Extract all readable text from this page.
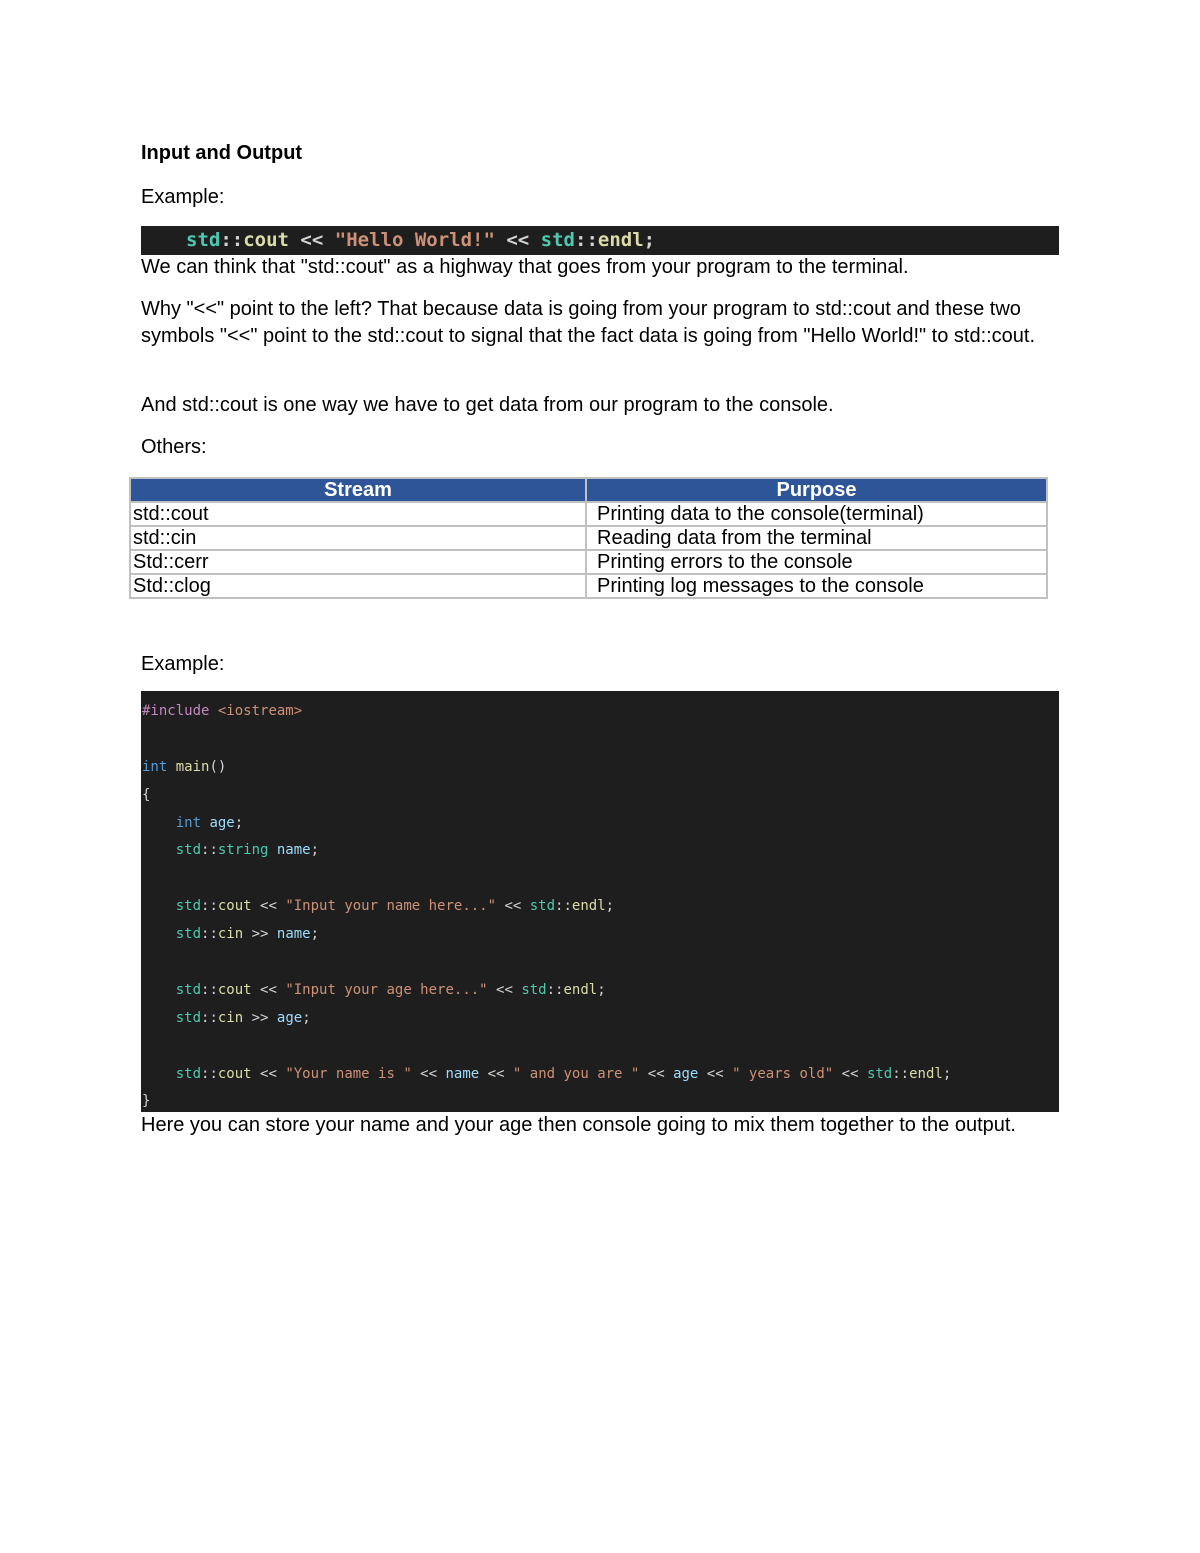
Input and Output
Example:
std::cout << "Hello World!" << std::endl;
We can think that "std::cout" as a highway that goes from your program to the terminal.
Why "<<" point to the left? That because data is going from your program to std::cout and these two symbols "<<" point to the std::cout to signal that the fact data is going from "Hello World!" to std::cout.
And std::cout is one way we have to get data from our program to the console.
Others:
Stream	Purpose
std::cout	Printing data to the console(terminal)
std::cin	Reading data from the terminal
Std::cerr	Printing errors to the console
Std::clog	Printing log messages to the console
Example:
#include <iostream>
int main()
{
int age;
std::string name;
std::cout << "Input your name here..." << std::endl;
std::cin >> name;
std::cout << "Input your age here..." << std::endl;
std::cin >> age;
std::cout << "Your name is " << name << " and you are " << age << " years old" << std::endl;
}
Here you can store your name and your age then console going to mix them together to the output.
